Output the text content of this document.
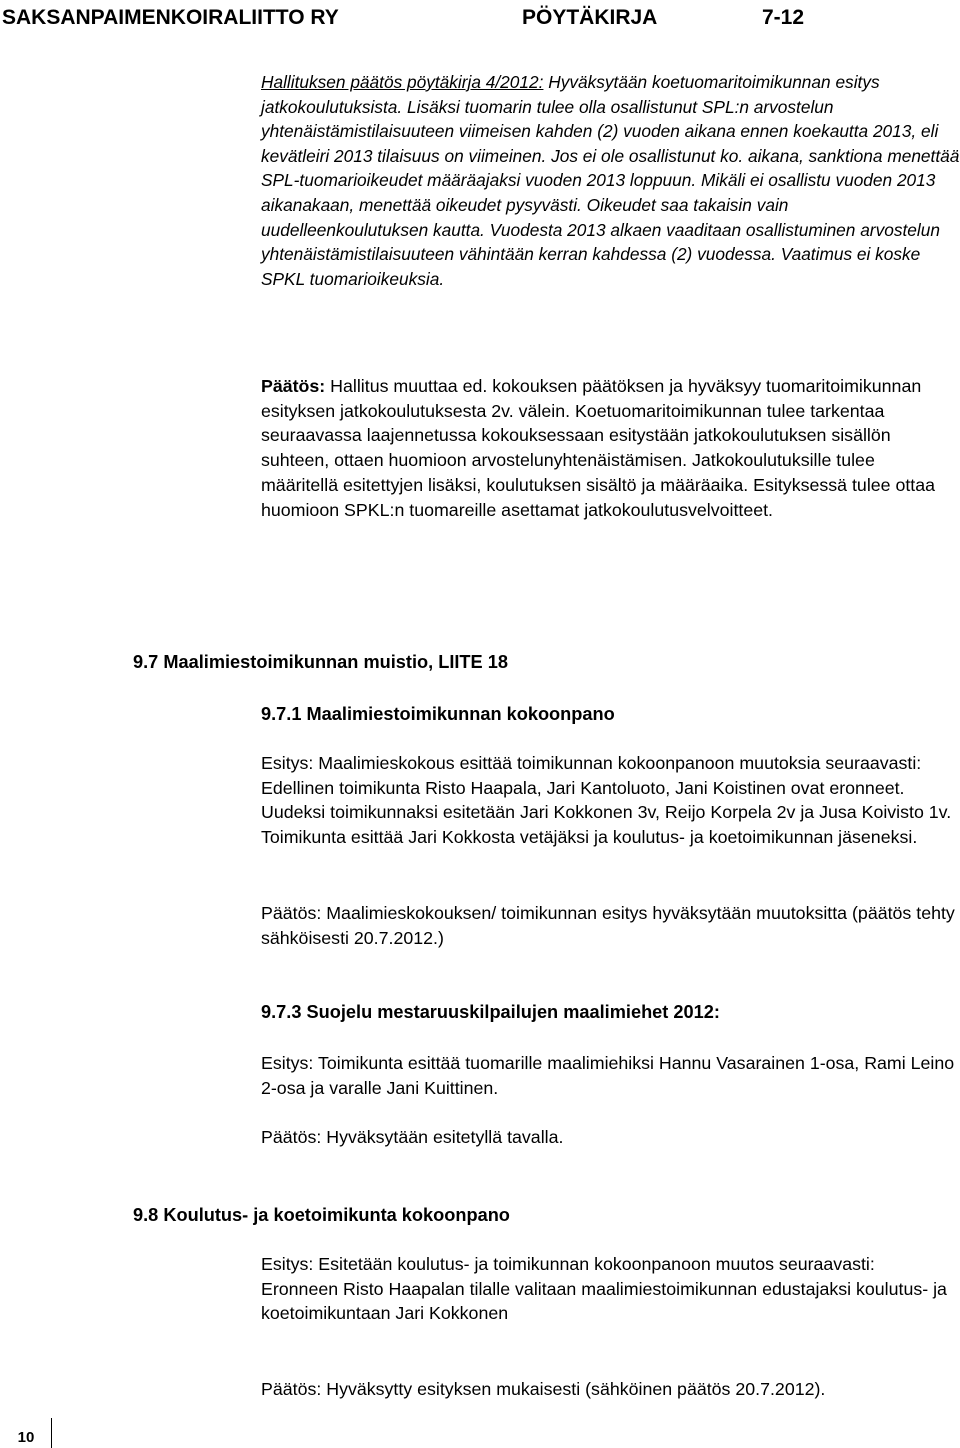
SAKSANPAIMENKOIRALIITTO RY	PÖYTÄKIRJA	7-12

Hallituksen päätös pöytäkirja 4/2012: Hyväksytään koetuomaritoimikunnan esitys jatkokoulutuksista. Lisäksi tuomarin tulee olla osallistunut SPL:n arvostelun yhtenäistämistilaisuuteen viimeisen kahden (2) vuoden aikana ennen koekautta 2013, eli kevätleiri 2013 tilaisuus on viimeinen. Jos ei ole osallistunut ko. aikana, sanktiona menettää SPL-tuomarioikeudet määräajaksi vuoden 2013 loppuun. Mikäli ei osallistu vuoden 2013 aikanakaan, menettää oikeudet pysyvästi. Oikeudet saa takaisin vain uudelleenkoulutuksen kautta. Vuodesta 2013 alkaen vaaditaan osallistuminen arvostelun yhtenäistämistilaisuuteen vähintään kerran kahdessa (2) vuodessa. Vaatimus ei koske SPKL tuomarioikeuksia.

Päätös: Hallitus muuttaa ed. kokouksen päätöksen ja hyväksyy tuomaritoimikunnan esityksen jatkokoulutuksesta 2v. välein. Koetuomaritoimikunnan tulee tarkentaa seuraavassa laajennetussa kokouksessaan esitystään jatkokoulutuksen sisällön suhteen, ottaen huomioon arvostelunyhtenäistämisen. Jatkokoulutuksille tulee määritellä esitettyjen lisäksi, koulutuksen sisältö ja määräaika. Esityksessä tulee ottaa huomioon SPKL:n tuomareille asettamat jatkokoulutusvelvoitteet.

9.7 Maalimiestoimikunnan muistio, LIITE 18
9.7.1 Maalimiestoimikunnan kokoonpano

Esitys: Maalimieskokous esittää toimikunnan kokoonpanoon muutoksia seuraavasti: Edellinen toimikunta Risto Haapala, Jari Kantoluoto, Jani Koistinen ovat eronneet. Uudeksi toimikunnaksi esitetään Jari Kokkonen 3v, Reijo Korpela 2v ja Jusa Koivisto 1v. Toimikunta esittää Jari Kokkosta vetäjäksi ja koulutus- ja koetoimikunnan jäseneksi.

Päätös: Maalimieskokouksen/ toimikunnan esitys hyväksytään muutoksitta (päätös tehty sähköisesti 20.7.2012.)

9.7.3 Suojelu mestaruuskilpailujen maalimiehet 2012:

Esitys: Toimikunta esittää tuomarille maalimiehiksi Hannu Vasarainen 1-osa, Rami Leino 2-osa ja varalle Jani Kuittinen.

Päätös: Hyväksytään esitetyllä tavalla.

9.8 Koulutus- ja koetoimikunta kokoonpano

Esitys: Esitetään koulutus- ja toimikunnan kokoonpanoon muutos seuraavasti: Eronneen Risto Haapalan tilalle valitaan maalimiestoimikunnan edustajaksi koulutus- ja koetoimikuntaan Jari Kokkonen

Päätös: Hyväksytty esityksen mukaisesti (sähköinen päätös 20.7.2012).

10
